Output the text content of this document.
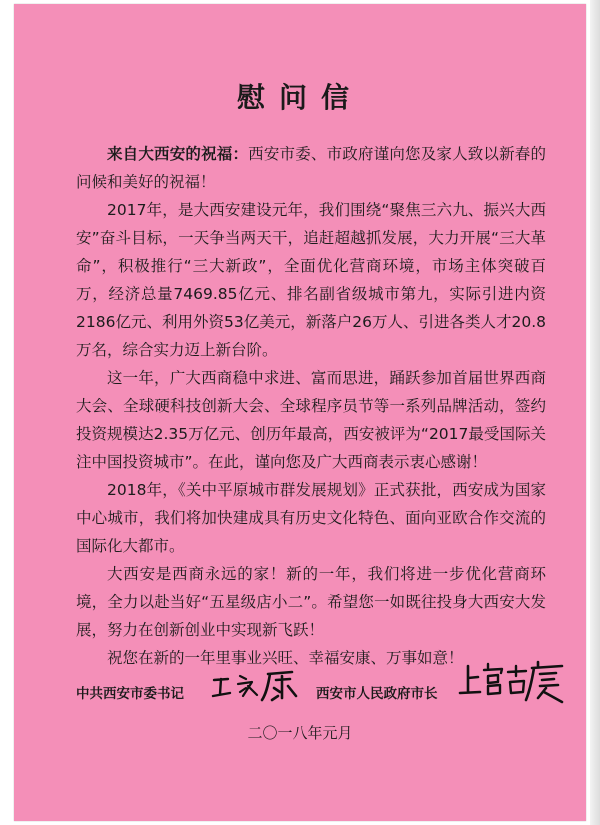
慰问信

来自大西安的祝福：西安市委、市政府谨向您及家人致以新春的问候和美好的祝福！

2017年，是大西安建设元年，我们围绕“聚焦三六九、振兴大西安”奋斗目标，一天争当两天干，追赶超越抓发展，大力开展“三大革命”，积极推行“三大新政”，全面优化营商环境，市场主体突破百万，经济总量7469.85亿元、排名副省级城市第九，实际引进内资2186亿元、利用外资53亿美元，新落户26万人、引进各类人才20.8万名，综合实力迈上新台阶。

这一年，广大西商稳中求进、富而思进，踊跃参加首届世界西商大会、全球硬科技创新大会、全球程序员节等一系列品牌活动，签约投资规模达2.35万亿元、创历年最高，西安被评为“2017最受国际关注中国投资城市”。在此，谨向您及广大西商表示衷心感谢！

2018年，《关中平原城市群发展规划》正式获批，西安成为国家中心城市，我们将加快建成具有历史文化特色、面向亚欧合作交流的国际化大都市。

大西安是西商永远的家！新的一年，我们将进一步优化营商环境，全力以赴当好“五星级店小二”。希望您一如既往投身大西安大发展，努力在创新创业中实现新飞跃！

祝您在新的一年里事业兴旺、幸福安康、万事如意！

中共西安市委书记	西安市人民政府市长
二〇一八年元月
